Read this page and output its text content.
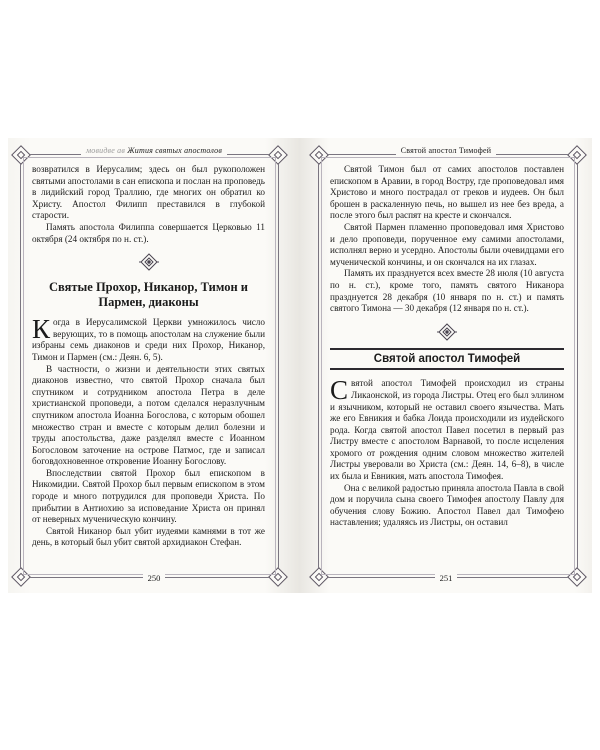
мовидве ав Жития святых апостолов

возвратился в Иерусалим; здесь он был рукоположен святыми апостолами в сан епископа и послан на проповедь в лидийский город Траллию, где многих он обратил ко Христу. Апостол Филипп преставился в глубокой старости.

Память апостола Филиппа совершается Церковью 11 октября (24 октября по н. ст.).

Святые Прохор, Никанор, Тимон и Пармен, диаконы

Когда в Иерусалимской Церкви умножилось число верующих, то в помощь апостолам на служение были избраны семь диаконов и среди них Прохор, Никанор, Тимон и Пармен (см.: Деян. 6, 5).

В частности, о жизни и деятельности этих святых диаконов известно, что святой Прохор сначала был спутником и сотрудником апостола Петра в деле христианской проповеди, а потом сделался неразлучным спутником апостола Иоанна Богослова, с которым обошел множество стран и вместе с которым делил болезни и труды апостольства, даже разделял вместе с Иоанном Богословом заточение на острове Патмос, где и записал боговдохновенное откровение Иоанну Богослову.

Впоследствии святой Прохор был епископом в Никомидии. Святой Прохор был первым епископом в этом городе и много потрудился для проповеди Христа. По прибытии в Антиохию за исповедание Христа он принял от неверных мученическую кончину.

Святой Никанор был убит иудеями камнями в тот же день, в который был убит святой архидиакон Стефан.

250
Святой апостол Тимофей

Святой Тимон был от самих апостолов поставлен епископом в Аравии, в город Востру, где проповедовал имя Христово и много пострадал от греков и иудеев. Он был брошен в раскаленную печь, но вышел из нее без вреда, а после этого был распят на кресте и скончался.

Святой Пармен пламенно проповедовал имя Христово и дело проповеди, порученное ему самими апостолами, исполнял верно и усердно. Апостолы были очевидцами его мученической кончины, и он скончался на их глазах.

Память их празднуется всех вместе 28 июля (10 августа по н. ст.), кроме того, память святого Никанора празднуется 28 декабря (10 января по н. ст.) и память святого Тимона — 30 декабря (12 января по н. ст.).

Святой апостол Тимофей

Святой апостол Тимофей происходил из страны Ликаонской, из города Листры. Отец его был эллином и язычником, который не оставил своего язычества. Мать же его Евникия и бабка Лоида происходили из иудейского рода. Когда святой апостол Павел посетил в первый раз Листру вместе с апостолом Варнавой, то после исцеления хромого от рождения одним словом множество жителей Листры уверовали во Христа (см.: Деян. 14, 6–8), в числе их была и Евникия, мать апостола Тимофея.

Она с великой радостью приняла апостола Павла в свой дом и поручила сына своего Тимофея апостолу Павлу для обучения слову Божию. Апостол Павел дал Тимофею наставления; удаляясь из Листры, он оставил

251
